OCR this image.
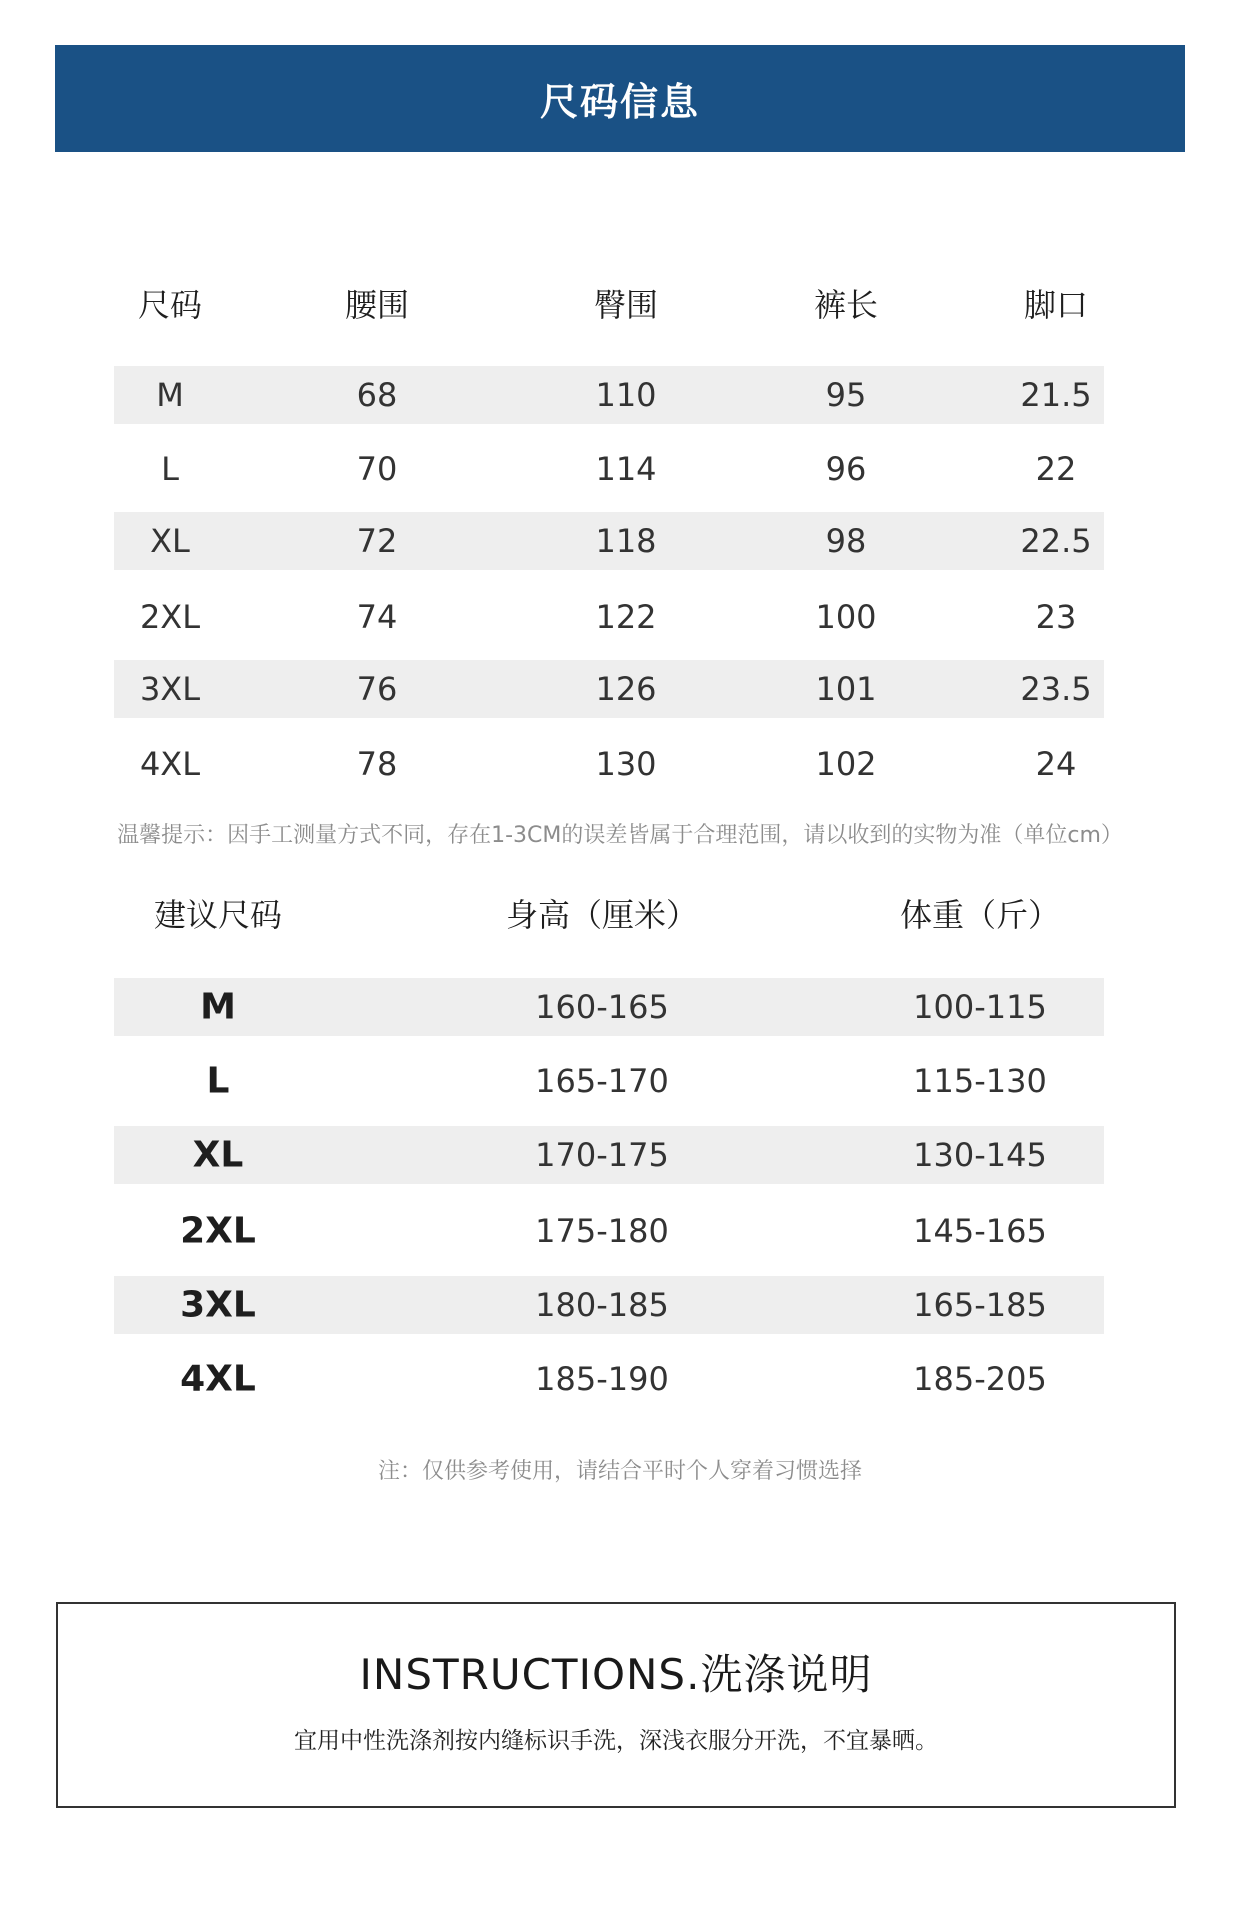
尺码信息
尺码	腰围	臀围	裤长	脚口
M	68	110	95	21.5
L	70	114	96	22
XL	72	118	98	22.5
2XL	74	122	100	23
3XL	76	126	101	23.5
4XL	78	130	102	24
温馨提示：因手工测量方式不同，存在1-3CM的误差皆属于合理范围，请以收到的实物为准（单位cm）
建议尺码	身高（厘米）	体重（斤）
M	160-165	100-115
L	165-170	115-130
XL	170-175	130-145
2XL	175-180	145-165
3XL	180-185	165-185
4XL	185-190	185-205
注：仅供参考使用，请结合平时个人穿着习惯选择
INSTRUCTIONS.洗涤说明
宜用中性洗涤剂按内缝标识手洗，深浅衣服分开洗，不宜暴晒。
